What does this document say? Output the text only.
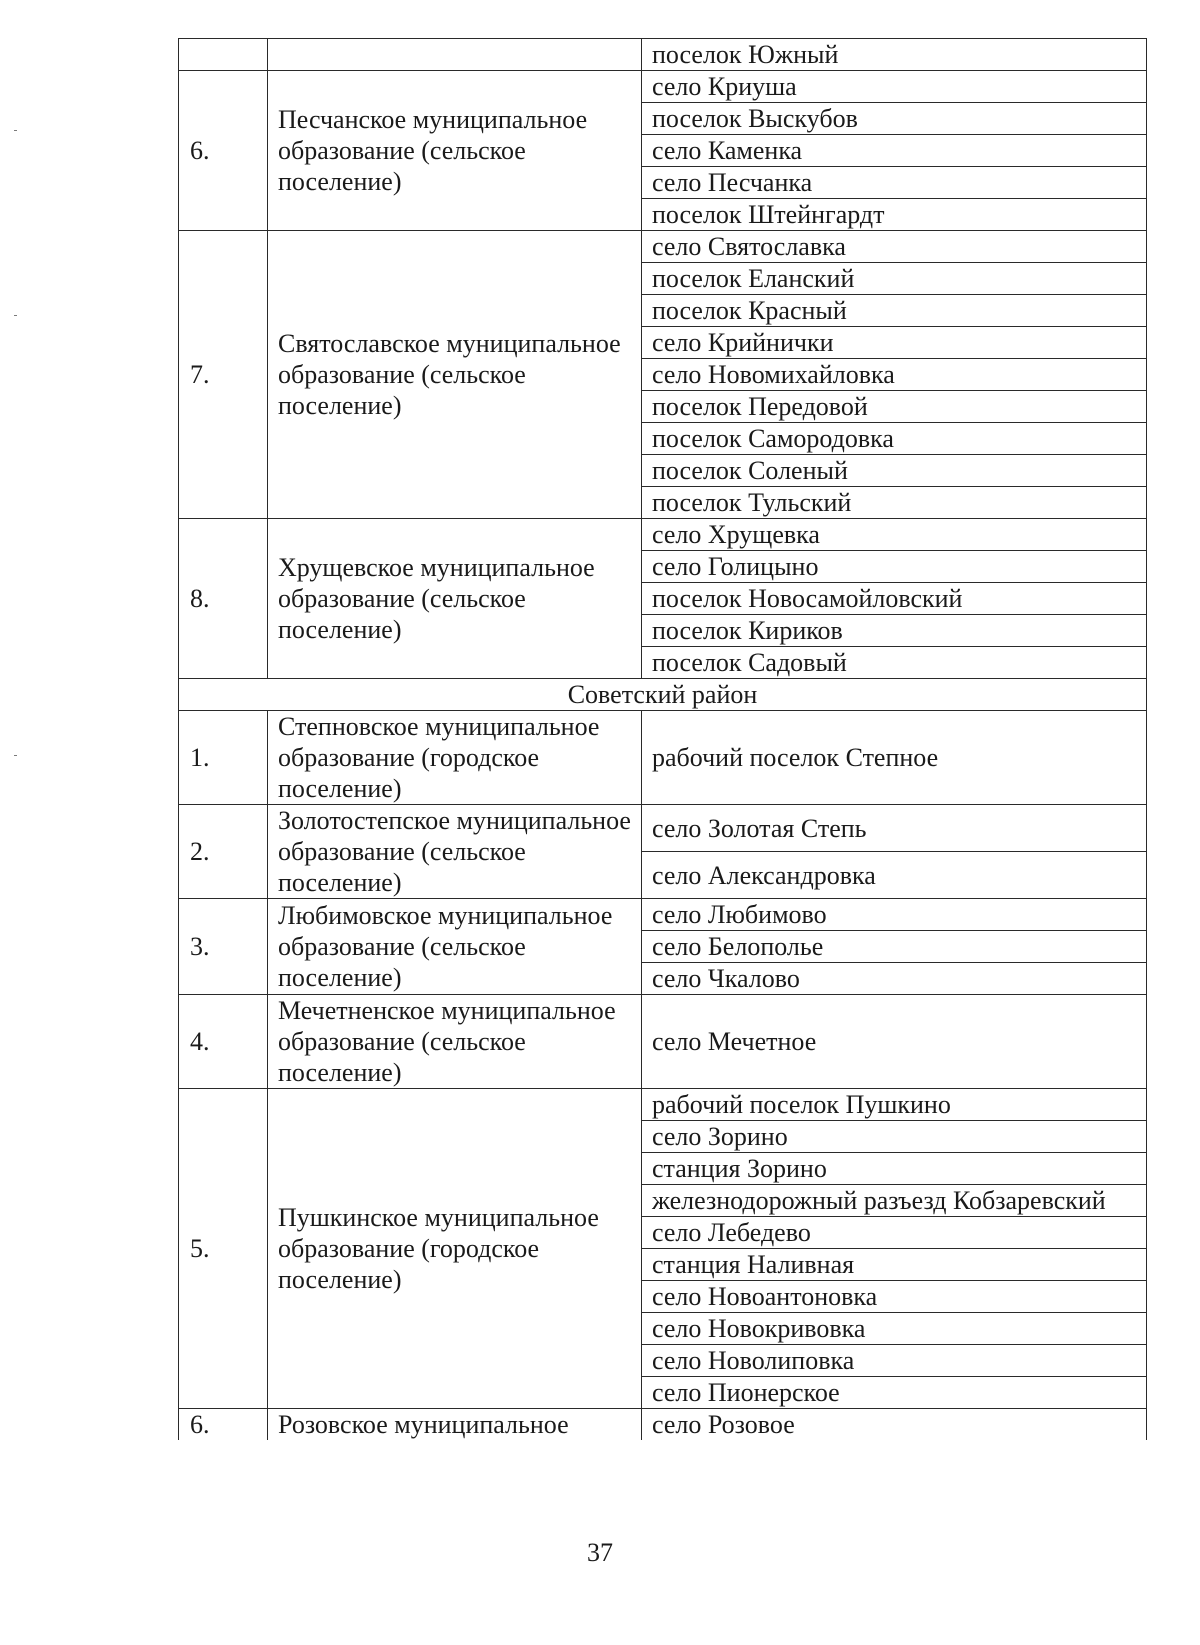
		поселок Южный
6.	Песчанское муниципальное образование (сельское поселение)	село Криуша
		поселок Выскубов
		село Каменка
		село Песчанка
		поселок Штейнгардт
7.	Святославское муниципальное образование (сельское поселение)	село Святославка
		поселок Еланский
		поселок Красный
		село Крийнички
		село Новомихайловка
		поселок Передовой
		поселок Самородовка
		поселок Соленый
		поселок Тульский
8.	Хрущевское муниципальное образование (сельское поселение)	село Хрущевка
		село Голицыно
		поселок Новосамойловский
		поселок Кириков
		поселок Садовый
Советский район		
1.	Степновское муниципальное образование (городское поселение)	рабочий поселок Степное
2.	Золотостепское муниципальное образование (сельское поселение)	село Золотая Степь
		село Александровка
3.	Любимовское муниципальное образование (сельское поселение)	село Любимово
		село Белополье
		село Чкалово
4.	Мечетненское муниципальное образование (сельское поселение)	село Мечетное
5.	Пушкинское муниципальное образование (городское поселение)	рабочий поселок Пушкино
		село Зорино
		станция Зорино
		железнодорожный разъезд Кобзаревский
		село Лебедево
		станция Наливная
		село Новоантоновка
		село Новокривовка
		село Новолиповка
		село Пионерское
6.	Розовское муниципальное	село Розовое
37
